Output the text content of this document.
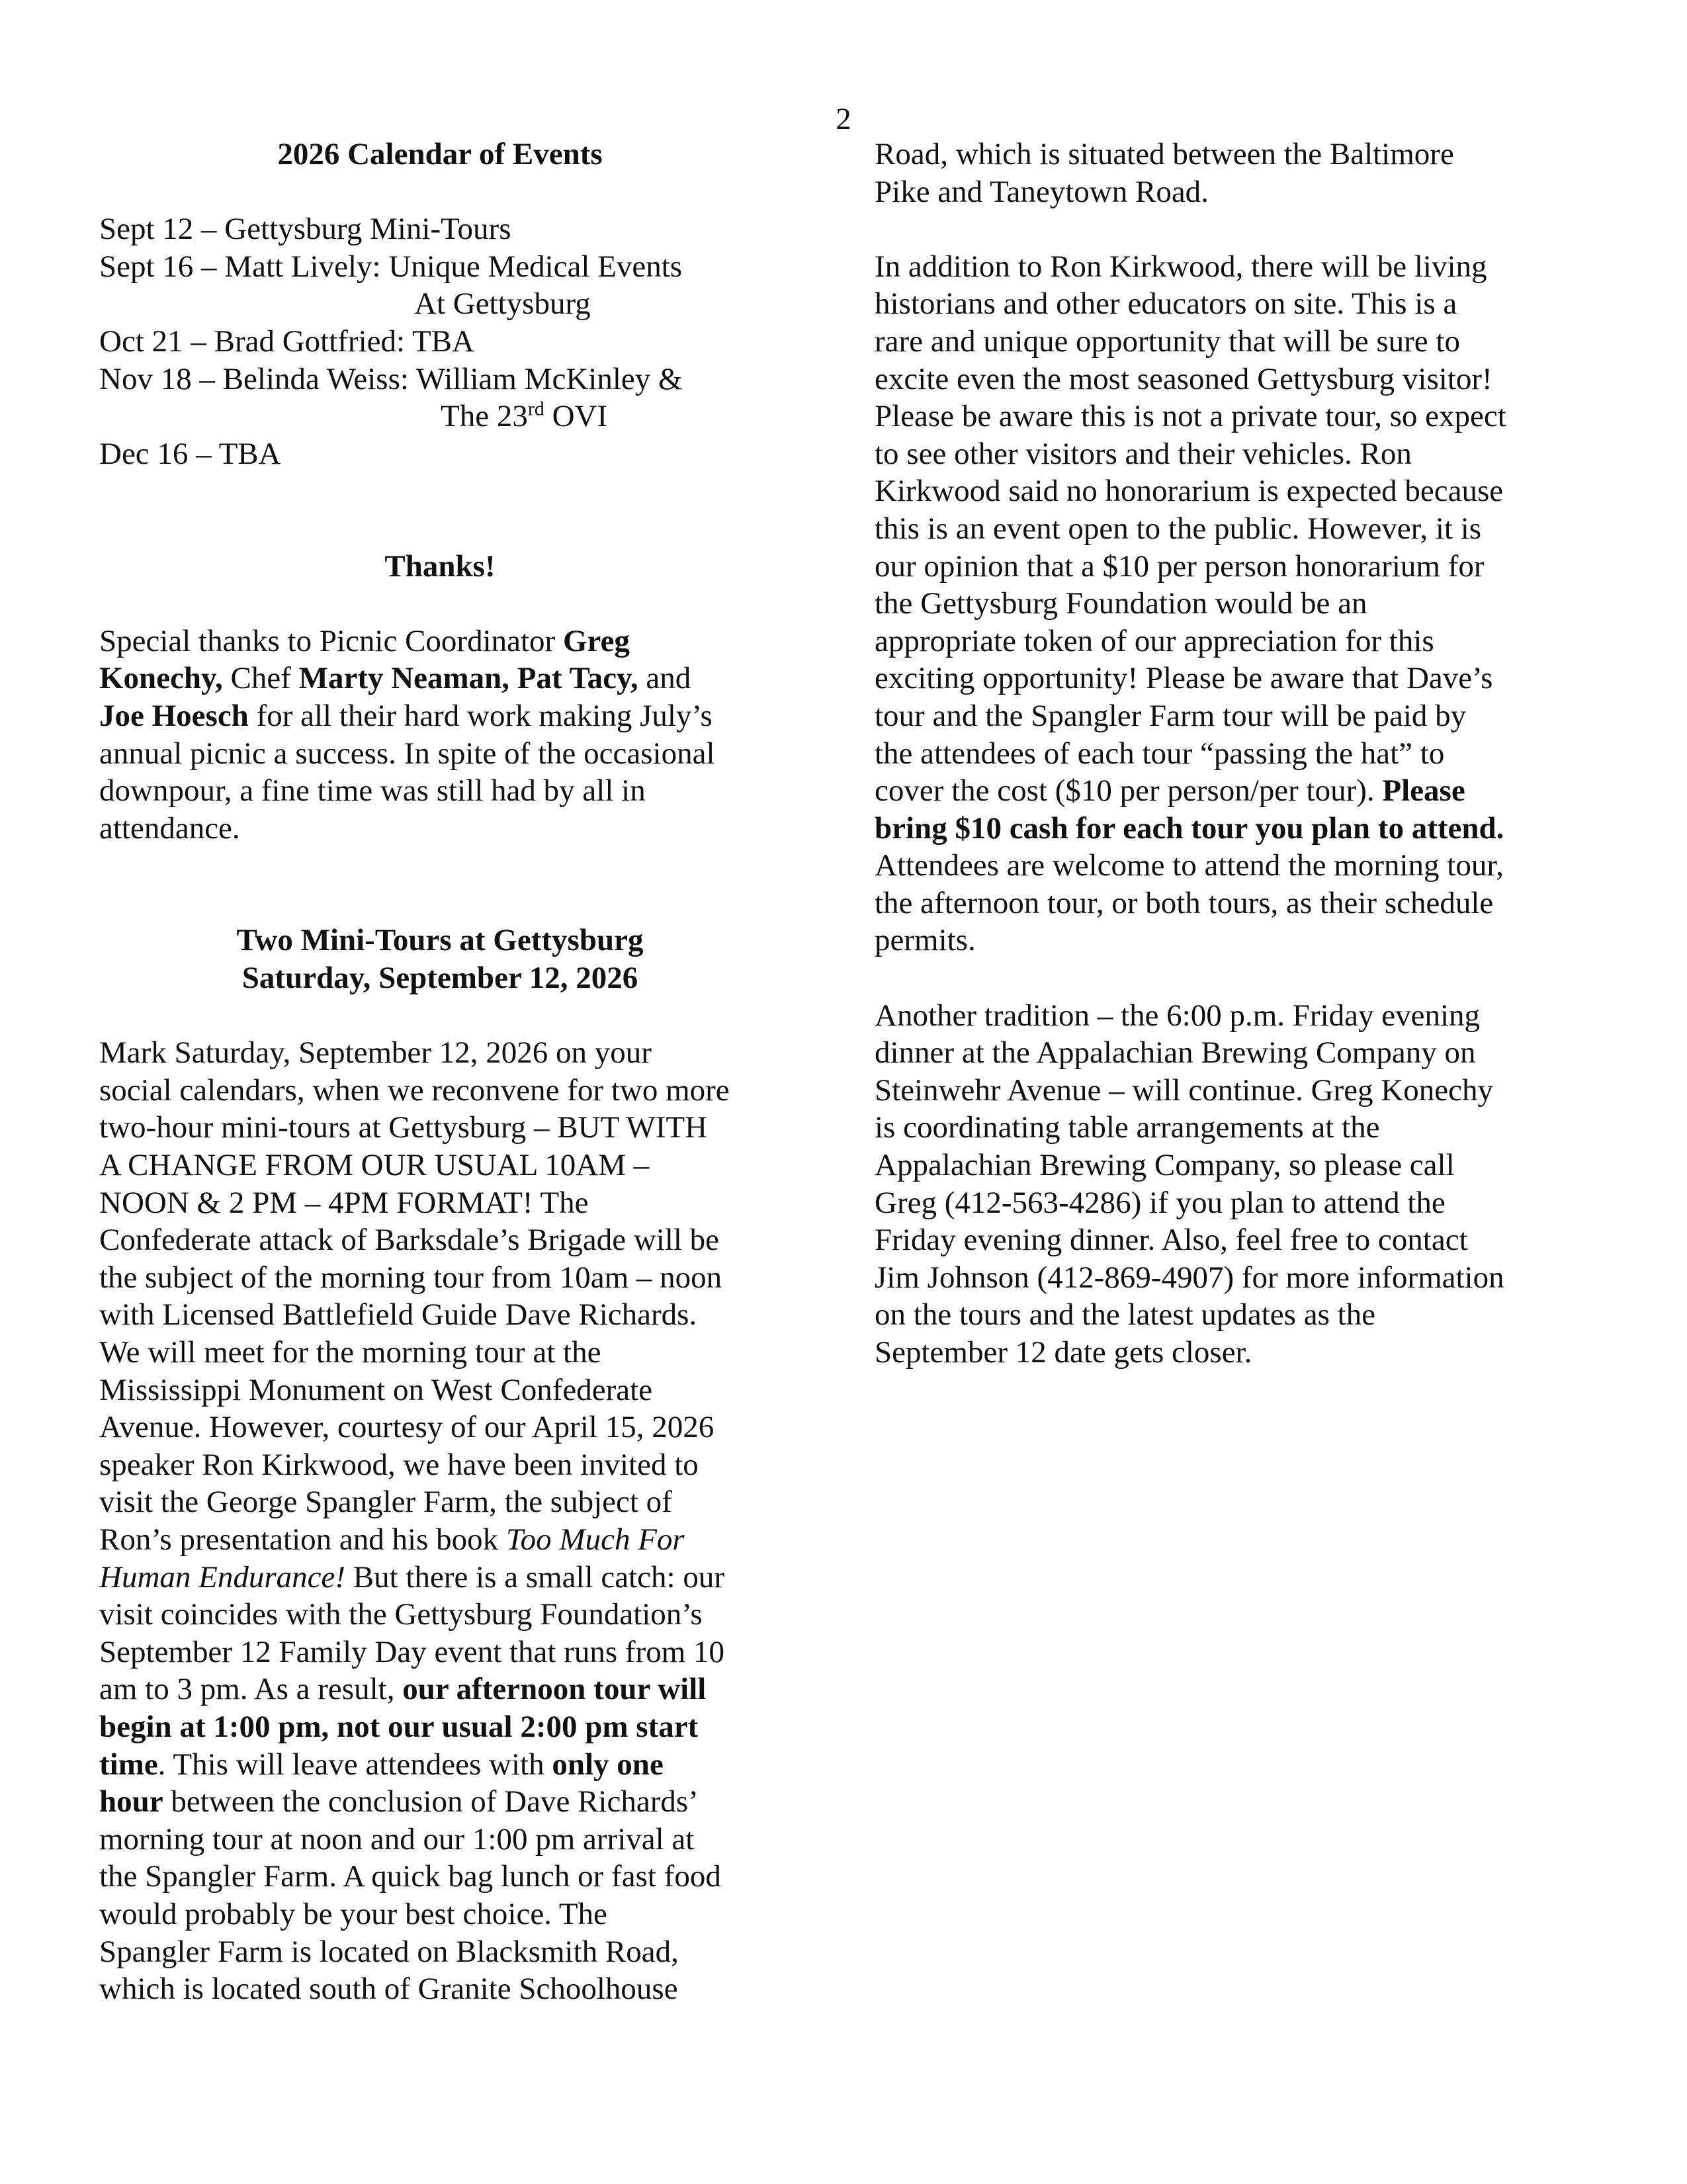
2
2026 Calendar of Events
Sept 12 – Gettysburg Mini-Tours
Sept 16 – Matt Lively: Unique Medical Events
At Gettysburg
Oct 21 – Brad Gottfried: TBA
Nov 18 – Belinda Weiss: William McKinley &
The 23rd OVI
Dec 16 – TBA
Thanks!
Special thanks to Picnic Coordinator Greg
Konechy, Chef Marty Neaman, Pat Tacy, and
Joe Hoesch for all their hard work making July’s
annual picnic a success. In spite of the occasional
downpour, a fine time was still had by all in
attendance.
Two Mini-Tours at Gettysburg
Saturday, September 12, 2026
Mark Saturday, September 12, 2026 on your
social calendars, when we reconvene for two more
two-hour mini-tours at Gettysburg – BUT WITH
A CHANGE FROM OUR USUAL 10AM –
NOON & 2 PM – 4PM FORMAT! The
Confederate attack of Barksdale’s Brigade will be
the subject of the morning tour from 10am – noon
with Licensed Battlefield Guide Dave Richards.
We will meet for the morning tour at the
Mississippi Monument on West Confederate
Avenue. However, courtesy of our April 15, 2026
speaker Ron Kirkwood, we have been invited to
visit the George Spangler Farm, the subject of
Ron’s presentation and his book Too Much For
Human Endurance! But there is a small catch: our
visit coincides with the Gettysburg Foundation’s
September 12 Family Day event that runs from 10
am to 3 pm. As a result, our afternoon tour will
begin at 1:00 pm, not our usual 2:00 pm start
time. This will leave attendees with only one
hour between the conclusion of Dave Richards’
morning tour at noon and our 1:00 pm arrival at
the Spangler Farm. A quick bag lunch or fast food
would probably be your best choice. The
Spangler Farm is located on Blacksmith Road,
which is located south of Granite Schoolhouse
Road, which is situated between the Baltimore
Pike and Taneytown Road.
In addition to Ron Kirkwood, there will be living
historians and other educators on site. This is a
rare and unique opportunity that will be sure to
excite even the most seasoned Gettysburg visitor!
Please be aware this is not a private tour, so expect
to see other visitors and their vehicles. Ron
Kirkwood said no honorarium is expected because
this is an event open to the public. However, it is
our opinion that a $10 per person honorarium for
the Gettysburg Foundation would be an
appropriate token of our appreciation for this
exciting opportunity! Please be aware that Dave’s
tour and the Spangler Farm tour will be paid by
the attendees of each tour “passing the hat” to
cover the cost ($10 per person/per tour). Please
bring $10 cash for each tour you plan to attend.
Attendees are welcome to attend the morning tour,
the afternoon tour, or both tours, as their schedule
permits.
Another tradition – the 6:00 p.m. Friday evening
dinner at the Appalachian Brewing Company on
Steinwehr Avenue – will continue. Greg Konechy
is coordinating table arrangements at the
Appalachian Brewing Company, so please call
Greg (412-563-4286) if you plan to attend the
Friday evening dinner. Also, feel free to contact
Jim Johnson (412-869-4907) for more information
on the tours and the latest updates as the
September 12 date gets closer.
